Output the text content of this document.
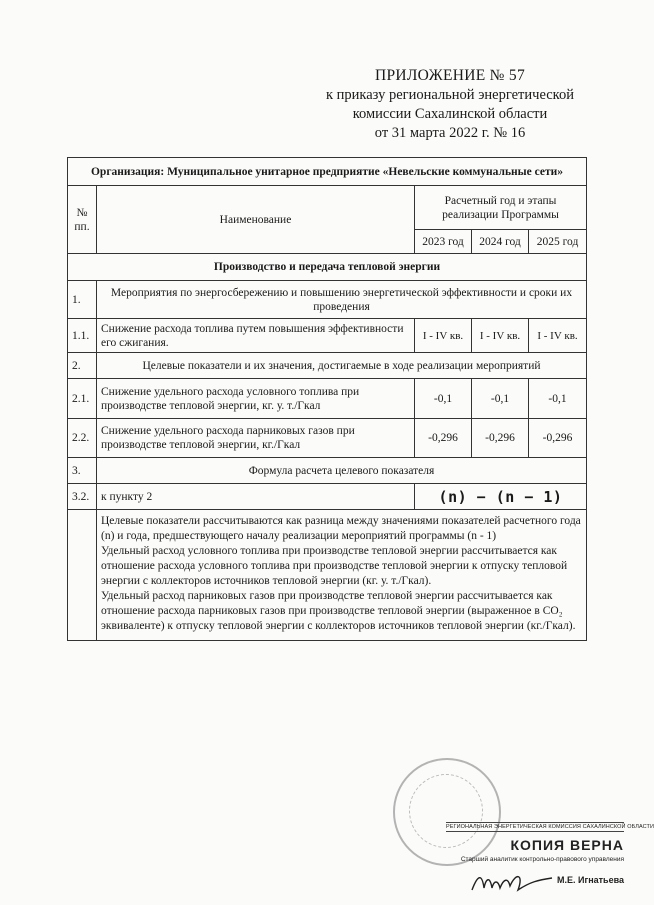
ПРИЛОЖЕНИЕ № 57
к приказу региональной энергетической
комиссии Сахалинской области
от 31 марта 2022 г. № 16
Организация: Муниципальное унитарное предприятие «Невельские коммунальные сети»				
№ пп.	Наименование	Расчетный год и этапы реализации Программы		
		2023 год	2024 год	2025 год
Производство и передача тепловой энергии				
1.	Мероприятия по энергосбережению и повышению энергетической эффективности и сроки их проведения			
1.1.	Снижение расхода топлива путем повышения эффективности его сжигания.	I - IV кв.	I - IV кв.	I - IV кв.
2.	Целевые показатели и их значения, достигаемые в ходе реализации мероприятий			
2.1.	Снижение удельного расхода условного топлива при производстве тепловой энергии, кг. у. т./Гкал	-0,1	-0,1	-0,1
2.2.	Снижение удельного расхода парниковых газов при производстве тепловой энергии, кг./Гкал	-0,296	-0,296	-0,296
3.	Формула расчета целевого показателя			
3.2.	к пункту 2	(n) − (n − 1)		

	Целевые показатели рассчитываются как разница между значениями показателей расчетного года (n) и года, предшествующего началу реализации мероприятий программы (n - 1)

Удельный расход условного топлива при производстве тепловой энергии рассчитывается как отношение расхода условного топлива при производстве тепловой энергии к отпуску тепловой энергии с коллекторов источников тепловой энергии (кг. у. т./Гкал).

Удельный расход парниковых газов при производстве тепловой энергии рассчитывается как отношение расхода парниковых газов при производстве тепловой энергии (выраженное в CO₂ эквиваленте) к отпуску тепловой энергии с коллекторов источников тепловой энергии (кг./Гкал).			

РЕГИОНАЛЬНАЯ ЭНЕРГЕТИЧЕСКАЯ КОМИССИЯ САХАЛИНСКОЙ ОБЛАСТИ
КОПИЯ ВЕРНА
Старший аналитик контрольно-правового управления
М.Е. Игнатьева
